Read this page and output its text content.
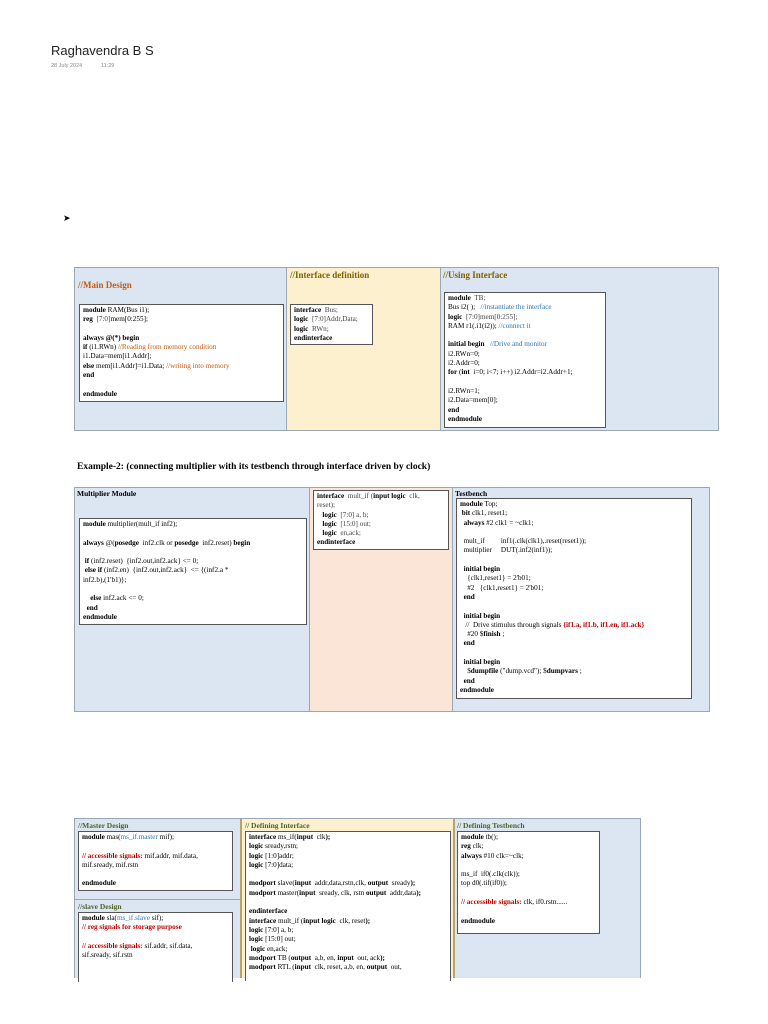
Raghavendra B S
28 July 2024	11:29
➤
//Main Design
module RAM(Bus i1);
reg  [7:0]mem[0:255];
always @(*) begin
if (i1.RWn) //Reading from memory condition
i1.Data=mem[i1.Addr];
else mem[i1.Addr]=i1.Data; //writing into memory
end
endmodule
//Interface definition
interface  Bus;
logic  [7:0]Addr,Data;
logic  RWn;
endinterface
//Using Interface
module  TB;
Bus i2( );   //instantiate the interface
logic  [7:0]mem[0:255];
RAM r1(.i1(i2)); //connect it
initial begin //Drive and monitor
i2.RWn=0;
i2.Addr=0;
for (int  i=0; i<7; i++) i2.Addr=i2.Addr+1;
i2.RWn=1;
i2.Data=mem[0];
end
endmodule
Example-2: (connecting multiplier with its testbench through interface driven by clock)
Multiplier Module
module multiplier(mult_if inf2);
always @(posedge  inf2.clk or posedge  inf2.reset) begin
if (inf2.reset)  {inf2.out,inf2.ack} <= 0;
else if (inf2.en)  {inf2.out,inf2.ack}  <= {(inf2.a *
inf2.b),(1'b1)};
else inf2.ack <= 0;
end
endmodule
interface  mult_if (input logic  clk,
reset);
logic  [7:0] a, b;
logic  [15:0] out;
logic  en,ack;
endinterface
Testbench
module Top;
bit clk1, reset1;
always #2 clk1 = ~clk1;
mult_if         inf1(.clk(clk1),.reset(reset1));
multiplier     DUT(.inf2(inf1));
initial begin
{clk1,reset1} = 2'b01;
#2   {clk1,reset1} = 2'b01;
end
initial begin
//  Drive stimulus through signals {if1.a, if1.b, if1.en, if1.ack}
#20 $finish ;
end
initial begin
$dumpfile ("dump.vcd"); $dumpvars ;
end
endmodule
//Master Design
module mas(ms_if.master mif);
// accessible signals: mif.addr, mif.data,
mif.sready, mif.rstn
endmodule
//slave Design
module sla(ms_if.slave sif);
// reg signals for storage purpose
// accessible signals: sif.addr, sif.data,
sif.sready, sif.rstn
// Defining Interface
interface ms_if(input  clk);
logic sready,rstn;
logic [1:0]addr;
logic [7:0]data;
modport slave(input  addr,data,rstn,clk, output  sready);
modport master(input  sready, clk, rstn output  addr,data);
endinterface
interface mult_if (input logic  clk, reset);
logic [7:0] a, b;
logic [15:0] out;
logic en,ack;
modport TB (output  a,b, en, input  out, ack);
modport RTL (input  clk, reset, a,b, en, output  out,
// Defining Testbench
module tb();
reg clk;
always #10 clk=~clk;
ms_if  if0(.clk(clk));
top d0(.tif(if0));
// accessible signals: clk, if0.rstn......
endmodule
